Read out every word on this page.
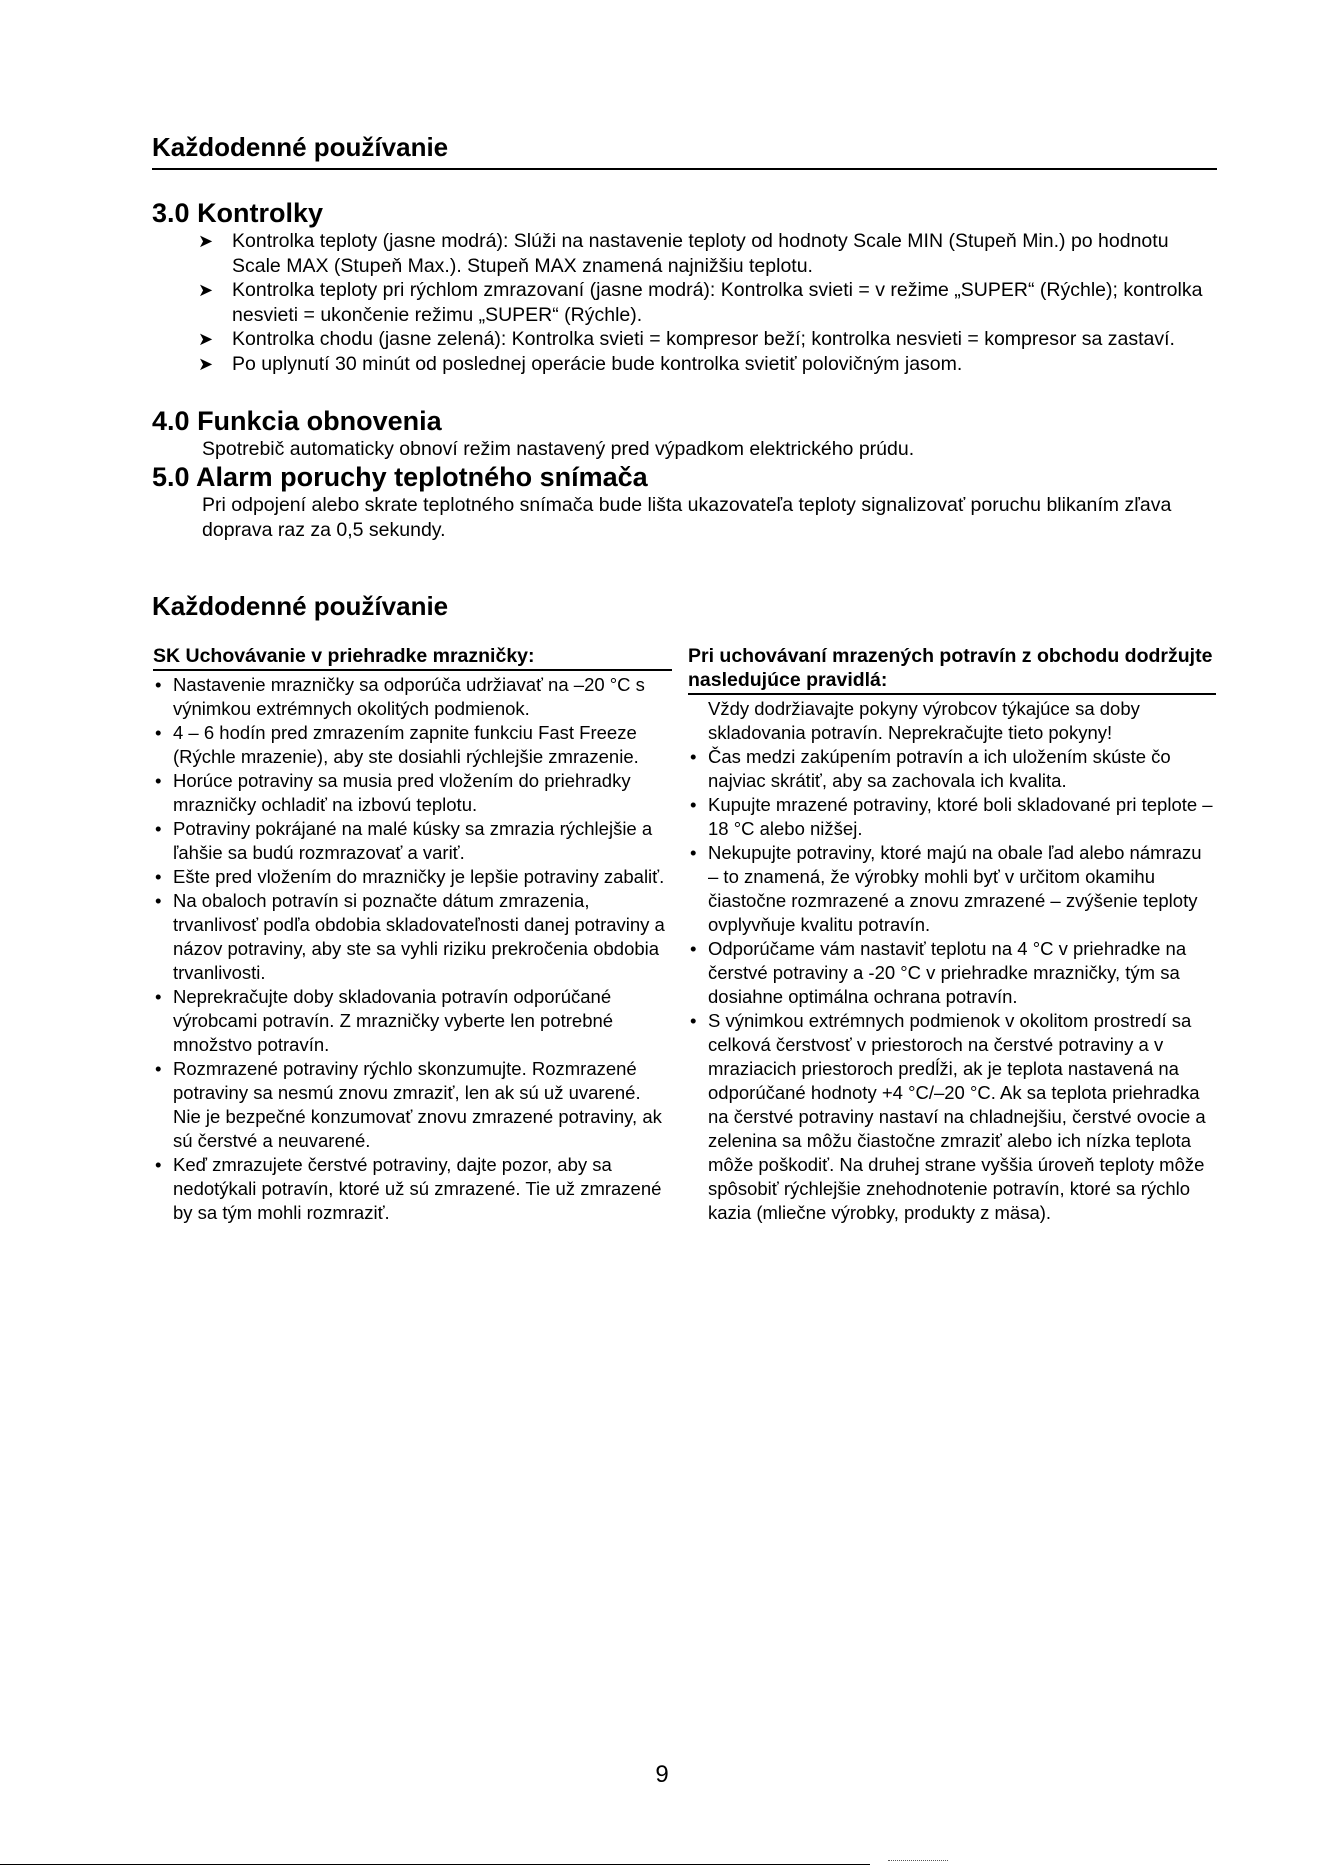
Každodenné používanie
3.0 Kontrolky
➤ Kontrolka teploty (jasne modrá): Slúži na nastavenie teploty od hodnoty Scale MIN (Stupeň Min.) po hodnotu Scale MAX (Stupeň Max.). Stupeň MAX znamená najnižšiu teplotu.
➤ Kontrolka teploty pri rýchlom zmrazovaní (jasne modrá): Kontrolka svieti = v režime „SUPER“ (Rýchle); kontrolka nesvieti = ukončenie režimu „SUPER“ (Rýchle).
➤ Kontrolka chodu (jasne zelená): Kontrolka svieti = kompresor beží; kontrolka nesvieti = kompresor sa zastaví.
➤ Po uplynutí 30 minút od poslednej operácie bude kontrolka svietiť polovičným jasom.
4.0 Funkcia obnovenia

Spotrebič automaticky obnoví režim nastavený pred výpadkom elektrického prúdu.

5.0 Alarm poruchy teplotného snímača

Pri odpojení alebo skrate teplotného snímača bude lišta ukazovateľa teploty signalizovať poruchu blikaním zľava doprava raz za 0,5 sekundy.

Každodenné používanie
SK Uchovávanie v priehradke mrazničky:
• Nastavenie mrazničky sa odporúča udržiavať na –20 °C s výnimkou extrémnych okolitých podmienok.
• 4 – 6 hodín pred zmrazením zapnite funkciu Fast Freeze (Rýchle mrazenie), aby ste dosiahli rýchlejšie zmrazenie.
• Horúce potraviny sa musia pred vložením do priehradky mrazničky ochladiť na izbovú teplotu.
• Potraviny pokrájané na malé kúsky sa zmrazia rýchlejšie a ľahšie sa budú rozmrazovať a variť.
• Ešte pred vložením do mrazničky je lepšie potraviny zabaliť.
• Na obaloch potravín si poznačte dátum zmrazenia, trvanlivosť podľa obdobia skladovateľnosti danej potraviny a názov potraviny, aby ste sa vyhli riziku prekročenia obdobia trvanlivosti.
• Neprekračujte doby skladovania potravín odporúčané výrobcami potravín. Z mrazničky vyberte len potrebné množstvo potravín.
• Rozmrazené potraviny rýchlo skonzumujte. Rozmrazené potraviny sa nesmú znovu zmraziť, len ak sú už uvarené. Nie je bezpečné konzumovať znovu zmrazené potraviny, ak sú čerstvé a neuvarené.
• Keď zmrazujete čerstvé potraviny, dajte pozor, aby sa nedotýkali potravín, ktoré už sú zmrazené. Tie už zmrazené by sa tým mohli rozmraziť.
Pri uchovávaní mrazených potravín z obchodu dodržujte nasledujúce pravidlá:
Vždy dodržiavajte pokyny výrobcov týkajúce sa doby skladovania potravín. Neprekračujte tieto pokyny!
• Čas medzi zakúpením potravín a ich uložením skúste čo najviac skrátiť, aby sa zachovala ich kvalita.
• Kupujte mrazené potraviny, ktoré boli skladované pri teplote –18 °C alebo nižšej.
• Nekupujte potraviny, ktoré majú na obale ľad alebo námrazu – to znamená, že výrobky mohli byť v určitom okamihu čiastočne rozmrazené a znovu zmrazené – zvýšenie teploty ovplyvňuje kvalitu potravín.
• Odporúčame vám nastaviť teplotu na 4 °C v priehradke na čerstvé potraviny a -20 °C v priehradke mrazničky, tým sa dosiahne optimálna ochrana potravín.
• S výnimkou extrémnych podmienok v okolitom prostredí sa celková čerstvosť v priestoroch na čerstvé potraviny a v mraziacich priestoroch predĺži, ak je teplota nastavená na odporúčané hodnoty +4 °C/–20 °C. Ak sa teplota priehradka na čerstvé potraviny nastaví na chladnejšiu, čerstvé ovocie a zelenina sa môžu čiastočne zmraziť alebo ich nízka teplota môže poškodiť. Na druhej strane vyššia úroveň teploty môže spôsobiť rýchlejšie znehodnotenie potravín, ktoré sa rýchlo kazia (mliečne výrobky, produkty z mäsa).
9
